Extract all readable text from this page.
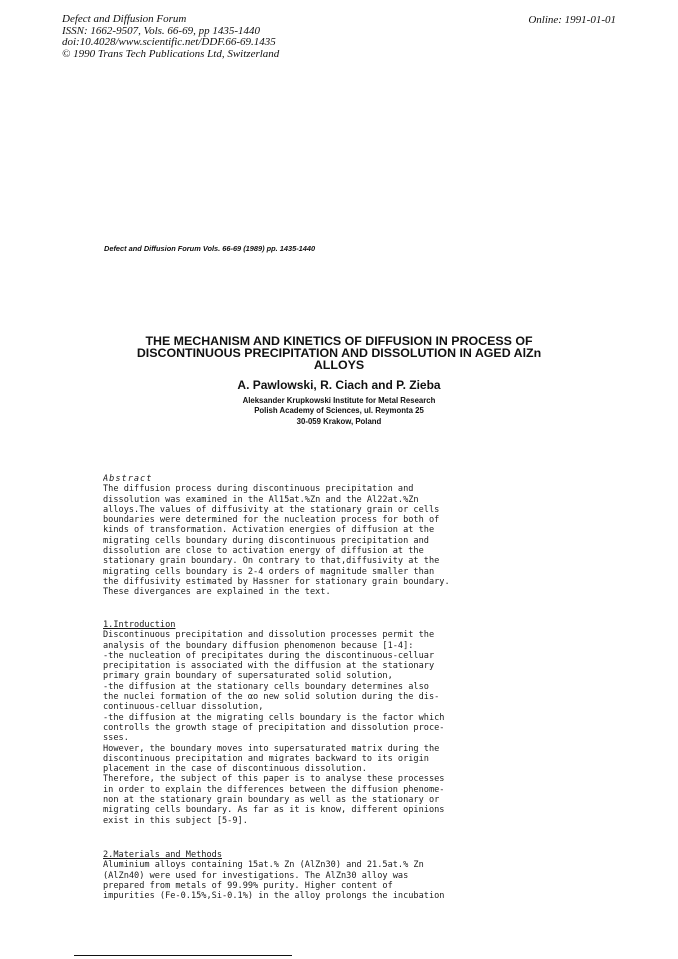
Defect and Diffusion Forum
ISSN: 1662-9507, Vols. 66-69, pp 1435-1440
doi:10.4028/www.scientific.net/DDF.66-69.1435
© 1990 Trans Tech Publications Ltd, Switzerland
Online: 1991-01-01
Defect and Diffusion Forum Vols. 66-69 (1989) pp. 1435-1440
THE MECHANISM AND KINETICS OF DIFFUSION IN PROCESS OF
DISCONTINUOUS PRECIPITATION AND DISSOLUTION IN AGED AlZn
ALLOYS
A. Pawlowski, R. Ciach and P. Zieba
Aleksander Krupkowski Institute for Metal Research
Polish Academy of Sciences, ul. Reymonta 25
30-059 Krakow, Poland
Abstract
The diffusion process during discontinuous precipitation and
dissolution was examined in the Al15at.%Zn and the Al22at.%Zn
alloys.The values of diffusivity at the stationary grain or cells
boundaries were determined for the nucleation process for both of
kinds of transformation. Activation energies of diffusion at the
migrating cells boundary during discontinuous precipitation and
dissolution are close to activation energy of diffusion at the
stationary grain boundary. On contrary to that,diffusivity at the
migrating cells boundary is 2-4 orders of magnitude smaller than
the diffusivity estimated by Hassner for stationary grain boundary.
These divergances are explained in the text.
1.Introduction
Discontinuous precipitation and dissolution processes permit the
analysis of the boundary diffusion phenomenon because [1-4]:
-the nucleation of precipitates during the discontinuous-celluar
precipitation is associated with the diffusion at the stationary
primary grain boundary of supersaturated solid solution,
-the diffusion at the stationary cells boundary determines also
the nuclei formation of the αo new solid solution during the dis-
continuous-celluar dissolution,
-the diffusion at the migrating cells boundary is the factor which
controlls the growth stage of precipitation and dissolution proce-
sses.
However, the boundary moves into supersaturated matrix during the
discontinuous precipitation and migrates backward to its origin
placement in the case of discontinuous dissolution.
Therefore, the subject of this paper is to analyse these processes
in order to explain the differences between the diffusion phenome-
non at the stationary grain boundary as well as the stationary or
migrating cells boundary. As far as it is know, different opinions
exist in this subject [5-9].
2.Materials and Methods
Aluminium alloys containing 15at.% Zn (AlZn30) and 21.5at.% Zn
(AlZn40) were used for investigations. The AlZn30 alloy was
prepared from metals of 99.99% purity. Higher content of
impurities (Fe-0.15%,Si-0.1%) in the alloy prolongs the incubation
